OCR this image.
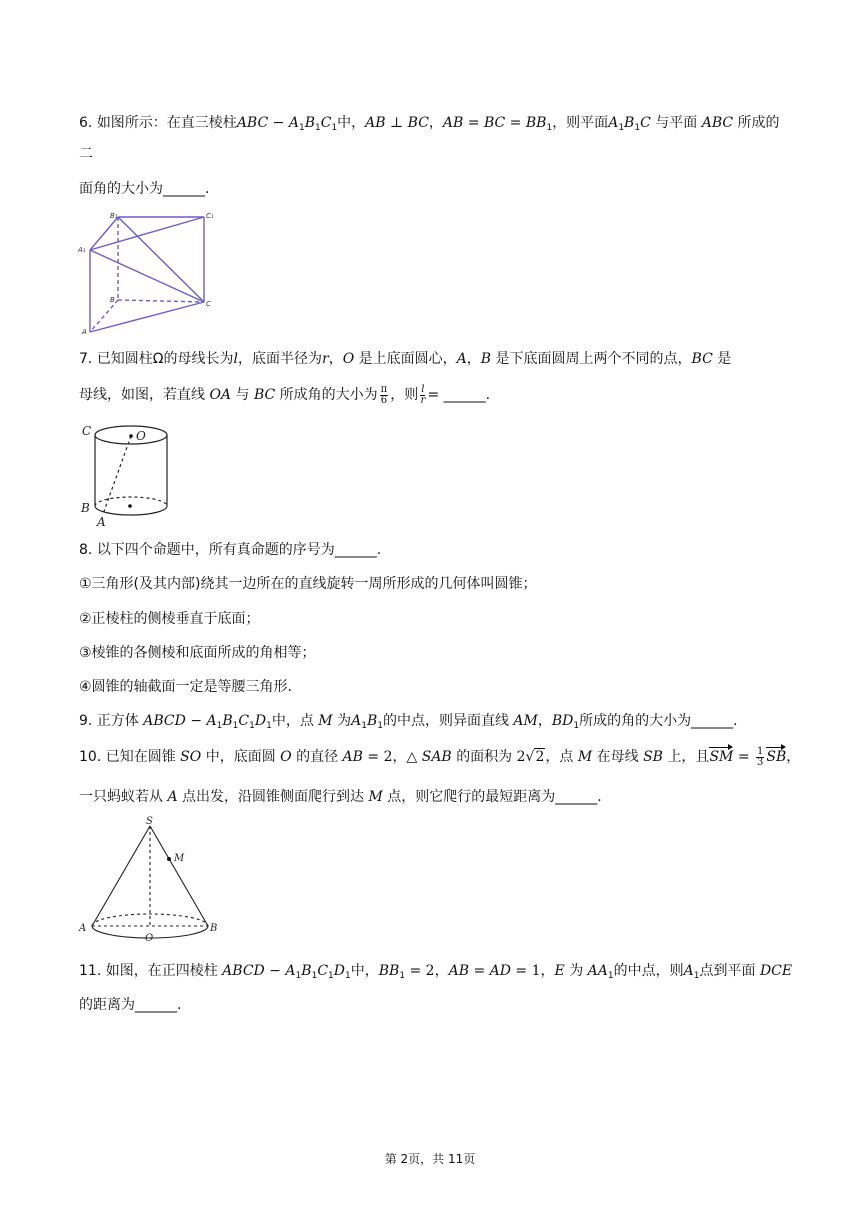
6. 如图所示：在直三棱柱ABC − $A_1B_1C_1$中，AB ⊥ BC，AB = BC = $BB_1$，则平面$A_1B_1C$ 与平面 ABC 所成的
二
面角的大小为______.
B₁	C₁
A₁
B	C
A
7. 已知圆柱Ω的母线长为l，底面半径为r，O 是上底面圆心，A，B 是下底面圆周上两个不同的点，BC 是
母线，如图，若直线 OA 与 BC 所成角的大小为 $\frac{\pi}{6}$ ，则 $\frac{l}{r}$ = ______.
C	O
B
A
8. 以下四个命题中，所有真命题的序号为______.
①三角形(及其内部)绕其一边所在的直线旋转一周所形成的几何体叫圆锥；
②正棱柱的侧棱垂直于底面；
③棱锥的各侧棱和底面所成的角相等；
④圆锥的轴截面一定是等腰三角形.
9. 正方体 ABCD − $A_1B_1C_1D_1$中，点 M 为$A_1B_1$的中点，则异面直线 AM，$BD_1$所成的角的大小为______.
10. 已知在圆锥 SO 中，底面圆 O 的直径 AB = 2，△ SAB 的面积为 2√2，点 M 在母线 SB 上，且SM = $\frac{1}{3}$ SB，
一只蚂蚁若从 A 点出发，沿圆锥侧面爬行到达 M 点，则它爬行的最短距离为______.
S
M
A
O
B
11. 如图，在正四棱柱 ABCD − $A_1B_1C_1D_1$中，$BB_1 = 2$，AB = AD = 1，E 为 $AA_1$的中点，则$A_1$点到平面 DCE
的距离为______.
第 2页，共 11页
